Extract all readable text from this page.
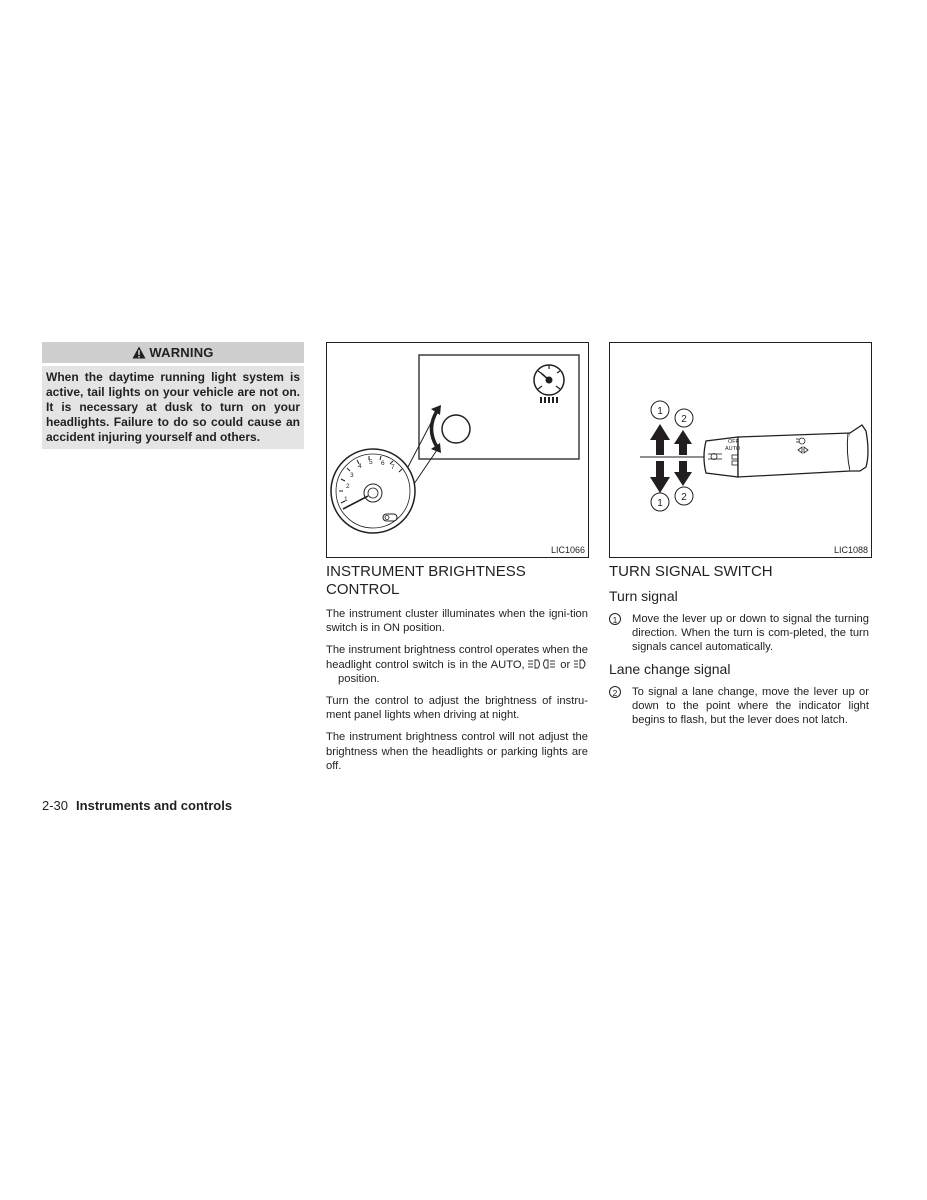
WARNING
When the daytime running light system is active, tail lights on your vehicle are not on. It is necessary at dusk to turn on your headlights. Failure to do so could cause an accident injuring yourself and others.
1
2
3
4
5 6
7
LIC1066
1
2
1
2
OFF
AUTO
LIC1088
INSTRUMENT BRIGHTNESS
CONTROL
The instrument cluster illuminates when the igni-tion switch is in ON position.
The instrument brightness control operates when the headlight control switch is in the AUTO,	or  position.
Turn the control to adjust the brightness of instru-ment panel lights when driving at night.
The instrument brightness control will not adjust the brightness when the headlights or parking lights are off.
TURN SIGNAL SWITCH
Turn signal
1	Move the lever up or down to signal the turning direction. When the turn is com-pleted, the turn signals cancel automatically.
Lane change signal
2	To signal a lane change, move the lever up or down to the point where the indicator light begins to flash, but the lever does not latch.
2-30 Instruments and controls
